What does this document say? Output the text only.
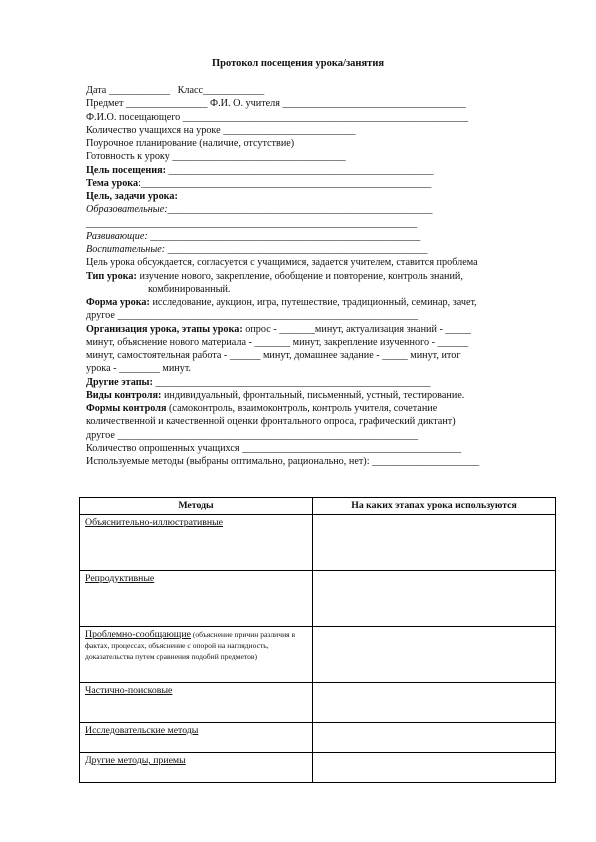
Протокол посещения урока/занятия
Дата ____________ Класс____________
Предмет ________________ Ф.И. О. учителя ____________________________________
Ф.И.О. посещающего ________________________________________________________
Количество учащихся на уроке __________________________
Поурочное планирование (наличие, отсутствие)
Готовность к уроку __________________________________
Цель посещения: ____________________________________________________
Тема урока:_________________________________________________________
Цель, задачи урока:
Образовательные:____________________________________________________
_________________________________________________________________
Развивающие: _____________________________________________________
Воспитательные: ___________________________________________________
Цель урока обсуждается, согласуется с учащимися, задается учителем, ставится проблема
Тип урока: изучение нового, закрепление, обобщение и повторение, контроль знаний,
комбинированный.
Форма урока: исследование, аукцион, игра, путешествие, традиционный, семинар, зачет,
другое ___________________________________________________________
Организация урока, этапы урока: опрос - _______минут, актуализация знаний - _____
минут, объяснение нового материала - _______ минут, закрепление изученного - ______
минут, самостоятельная работа - ______ минут, домашнее задание - _____ минут, итог
урока - ________ минут.
Другие этапы: ______________________________________________________
Виды контроля: индивидуальный, фронтальный, письменный, устный, тестирование.
Формы контроля (самоконтроль, взаимоконтроль, контроль учителя, сочетание
количественной и качественной оценки фронтального опроса, графический диктант)
другое ___________________________________________________________
Количество опрошенных учащихся ___________________________________________
Используемые методы (выбраны оптимально, рационально, нет): _____________________
Методы	На каких этапах урока используются
Объяснительно-иллюстративные	
Репродуктивные	
Проблемно-сообщающие (объяснение причин различия в фактах, процессах, объяснение с опорой на наглядность, доказательства путем сравнения подобий предметов)	
Частично-поисковые	
Исследовательские методы	
Другие методы, приемы	
